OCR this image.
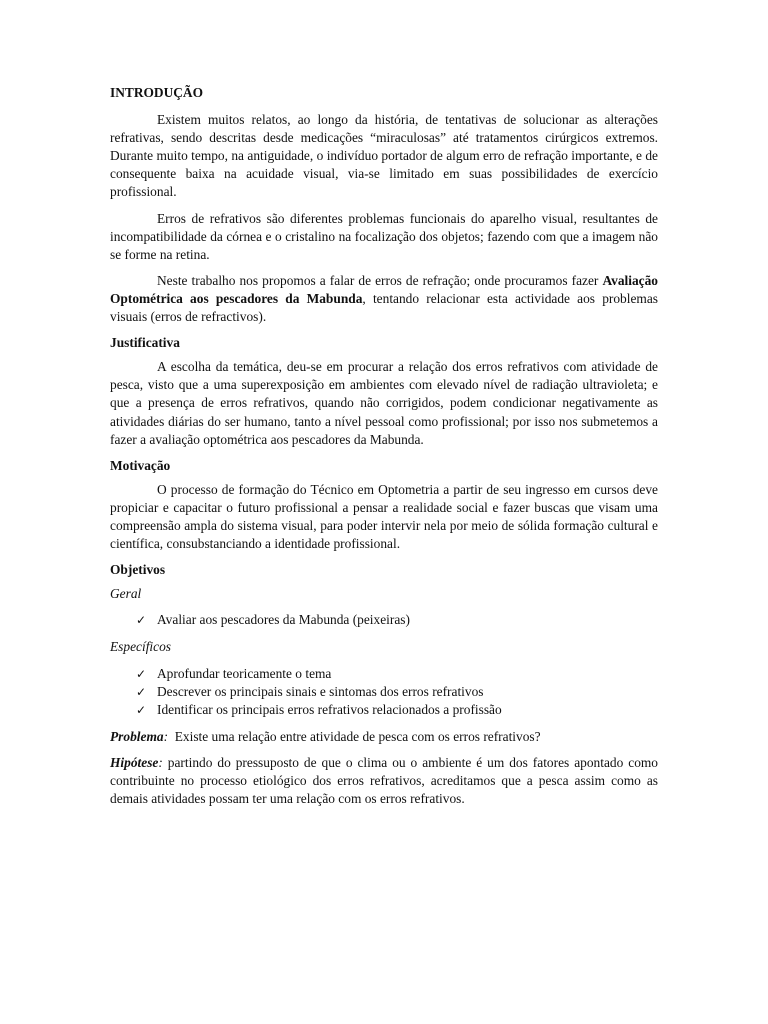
INTRODUÇÃO

Existem muitos relatos, ao longo da história, de tentativas de solucionar as alterações refrativas, sendo descritas desde medicações “miraculosas” até tratamentos cirúrgicos extremos. Durante muito tempo, na antiguidade, o indivíduo portador de algum erro de refração importante, e de consequente baixa na acuidade visual, via-se limitado em suas possibilidades de exercício profissional.

Erros de refrativos são diferentes problemas funcionais do aparelho visual, resultantes de incompatibilidade da córnea e o cristalino na focalização dos objetos; fazendo com que a imagem não se forme na retina.

Neste trabalho nos propomos a falar de erros de refração; onde procuramos fazer Avaliação Optométrica aos pescadores da Mabunda, tentando relacionar esta actividade aos problemas visuais (erros de refractivos).

Justificativa

A escolha da temática, deu-se em procurar a relação dos erros refrativos com atividade de pesca, visto que a uma superexposição em ambientes com elevado nível de radiação ultravioleta; e que a presença de erros refrativos, quando não corrigidos, podem condicionar negativamente as atividades diárias do ser humano, tanto a nível pessoal como profissional; por isso nos submetemos a fazer a avaliação optométrica aos pescadores da Mabunda.

Motivação

O processo de formação do Técnico em Optometria a partir de seu ingresso em cursos deve propiciar e capacitar o futuro profissional a pensar a realidade social e fazer buscas que visam uma compreensão ampla do sistema visual, para poder intervir nela por meio de sólida formação cultural e científica, consubstanciando a identidade profissional.

Objetivos
Geral
✓ Avaliar aos pescadores da Mabunda (peixeiras)
Específicos
✓ Aprofundar teoricamente o tema
✓ Descrever os principais sinais e sintomas dos erros refrativos
✓ Identificar os principais erros refrativos relacionados a profissão

Problema:  Existe uma relação entre atividade de pesca com os erros refrativos?

Hipótese: partindo do pressuposto de que o clima ou o ambiente é um dos fatores apontado como contribuinte no processo etiológico dos erros refrativos, acreditamos que a pesca assim como as demais atividades possam ter uma relação com os erros refrativos.
